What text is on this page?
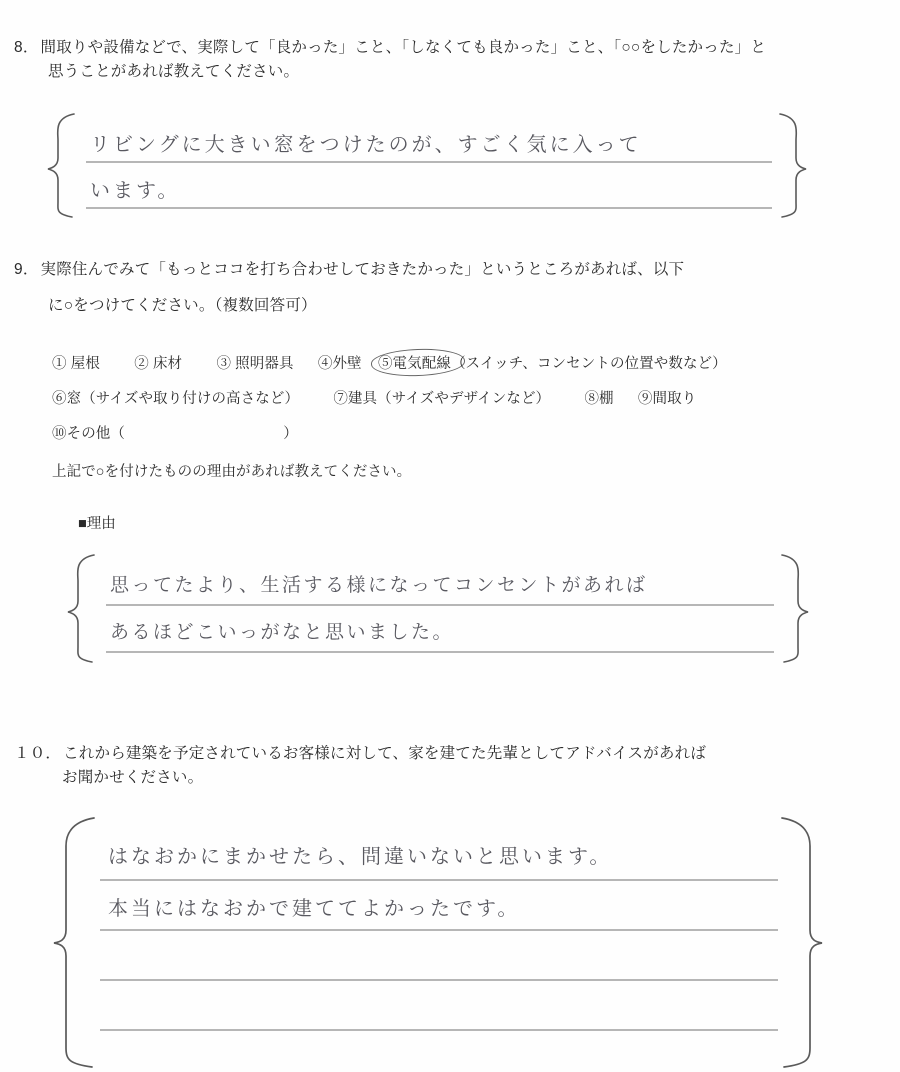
8． 間取りや設備などで、実際して「良かった」こと、「しなくても良かった」こと、「○○をしたかった」と
思うことがあれば教えてください。
リビングに大きい窓をつけたのが、すごく気に入って
います。
9． 実際住んでみて「もっとココを打ち合わせしておきたかった」というところがあれば、以下
に○をつけてください。（複数回答可）
① 屋根 ② 床材 ③ 照明器具 ④外壁 ⑤電気配線（スイッチ、コンセントの位置や数など）
⑥窓（サイズや取り付けの高さなど） ⑦建具（サイズやデザインなど） ⑧棚 ⑨間取り
⑩その他（	）
上記で○を付けたものの理由があれば教えてください。
■理由
思ってたより、生活する様になってコンセントがあれば
あるほどこいっがなと思いました。
１０． これから建築を予定されているお客様に対して、家を建てた先輩としてアドバイスがあれば
お聞かせください。
はなおかにまかせたら、問違いないと思います。
本当にはなおかで建ててよかったです。
